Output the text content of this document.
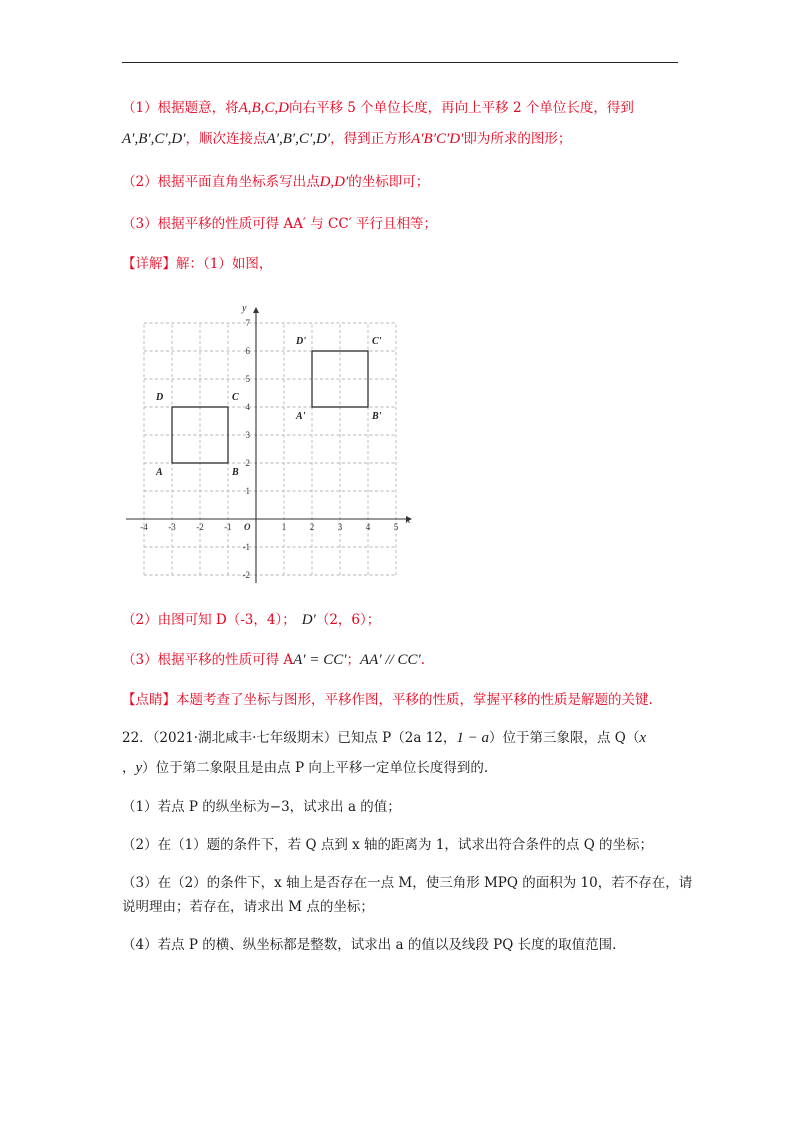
（1）根据题意，将A,B,C,D向右平移 5 个单位长度，再向上平移 2 个单位长度，得到
A′,B′,C′,D′，顺次连接点A′,B′,C′,D′，得到正方形A′B′C′D′即为所求的图形；
（2）根据平面直角坐标系写出点D,D′的坐标即可；
（3）根据平移的性质可得 AA′ 与 CC′ 平行且相等；
【详解】解：（1）如图，
x
y
O
-4 -3 -2 -1	1	2	3	4	5
-2
-1
1
2
3
4
5
6
7
A	B
C
D
A'	B'
C'
D'
（2）由图可知 D（-3，4）； D′（2，6）；
（3）根据平移的性质可得 AA′ = CC′；AA′ // CC′.
【点睛】本题考查了坐标与图形，平移作图，平移的性质，掌握平移的性质是解题的关键.
22．（2021·湖北咸丰·七年级期末）已知点 P（2a 12，1 − a）位于第三象限，点 Q（x
，y）位于第二象限且是由点 P 向上平移一定单位长度得到的.
（1）若点 P 的纵坐标为−3，试求出 a 的值；
（2）在（1）题的条件下，若 Q 点到 x 轴的距离为 1，试求出符合条件的点 Q 的坐标；
（3）在（2）的条件下，x 轴上是否存在一点 M，使三角形 MPQ 的面积为 10，若不存在，请
说明理由；若存在，请求出 M 点的坐标；
（4）若点 P 的横、纵坐标都是整数，试求出 a 的值以及线段 PQ 长度的取值范围.
